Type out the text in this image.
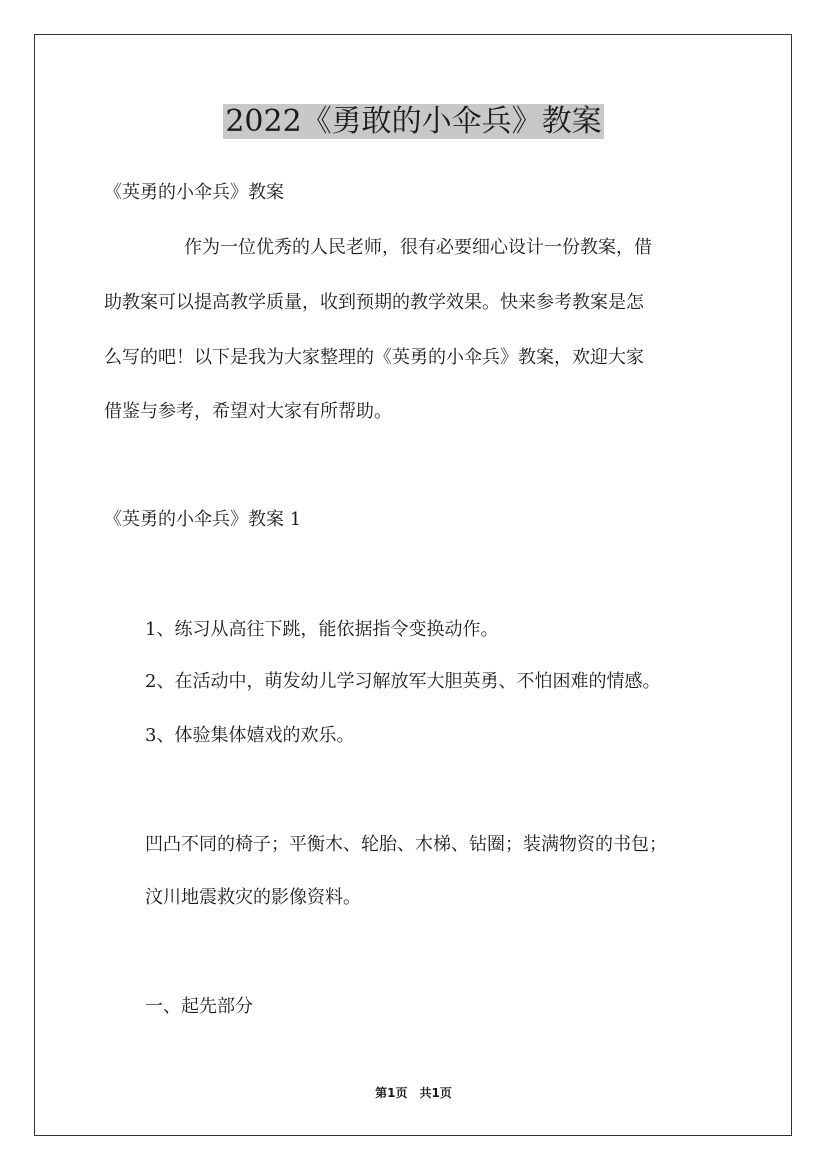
2022《勇敢的小伞兵》教案
《英勇的小伞兵》教案
作为一位优秀的人民老师，很有必要细心设计一份教案，借
助教案可以提高教学质量，收到预期的教学效果。快来参考教案是怎
么写的吧！以下是我为大家整理的《英勇的小伞兵》教案，欢迎大家
借鉴与参考，希望对大家有所帮助。
《英勇的小伞兵》教案 1
1、练习从高往下跳，能依据指令变换动作。
2、在活动中，萌发幼儿学习解放军大胆英勇、不怕困难的情感。
3、体验集体嬉戏的欢乐。
凹凸不同的椅子；平衡木、轮胎、木梯、钻圈；装满物资的书包；
汶川地震救灾的影像资料。
一、起先部分
第1页　共1页
